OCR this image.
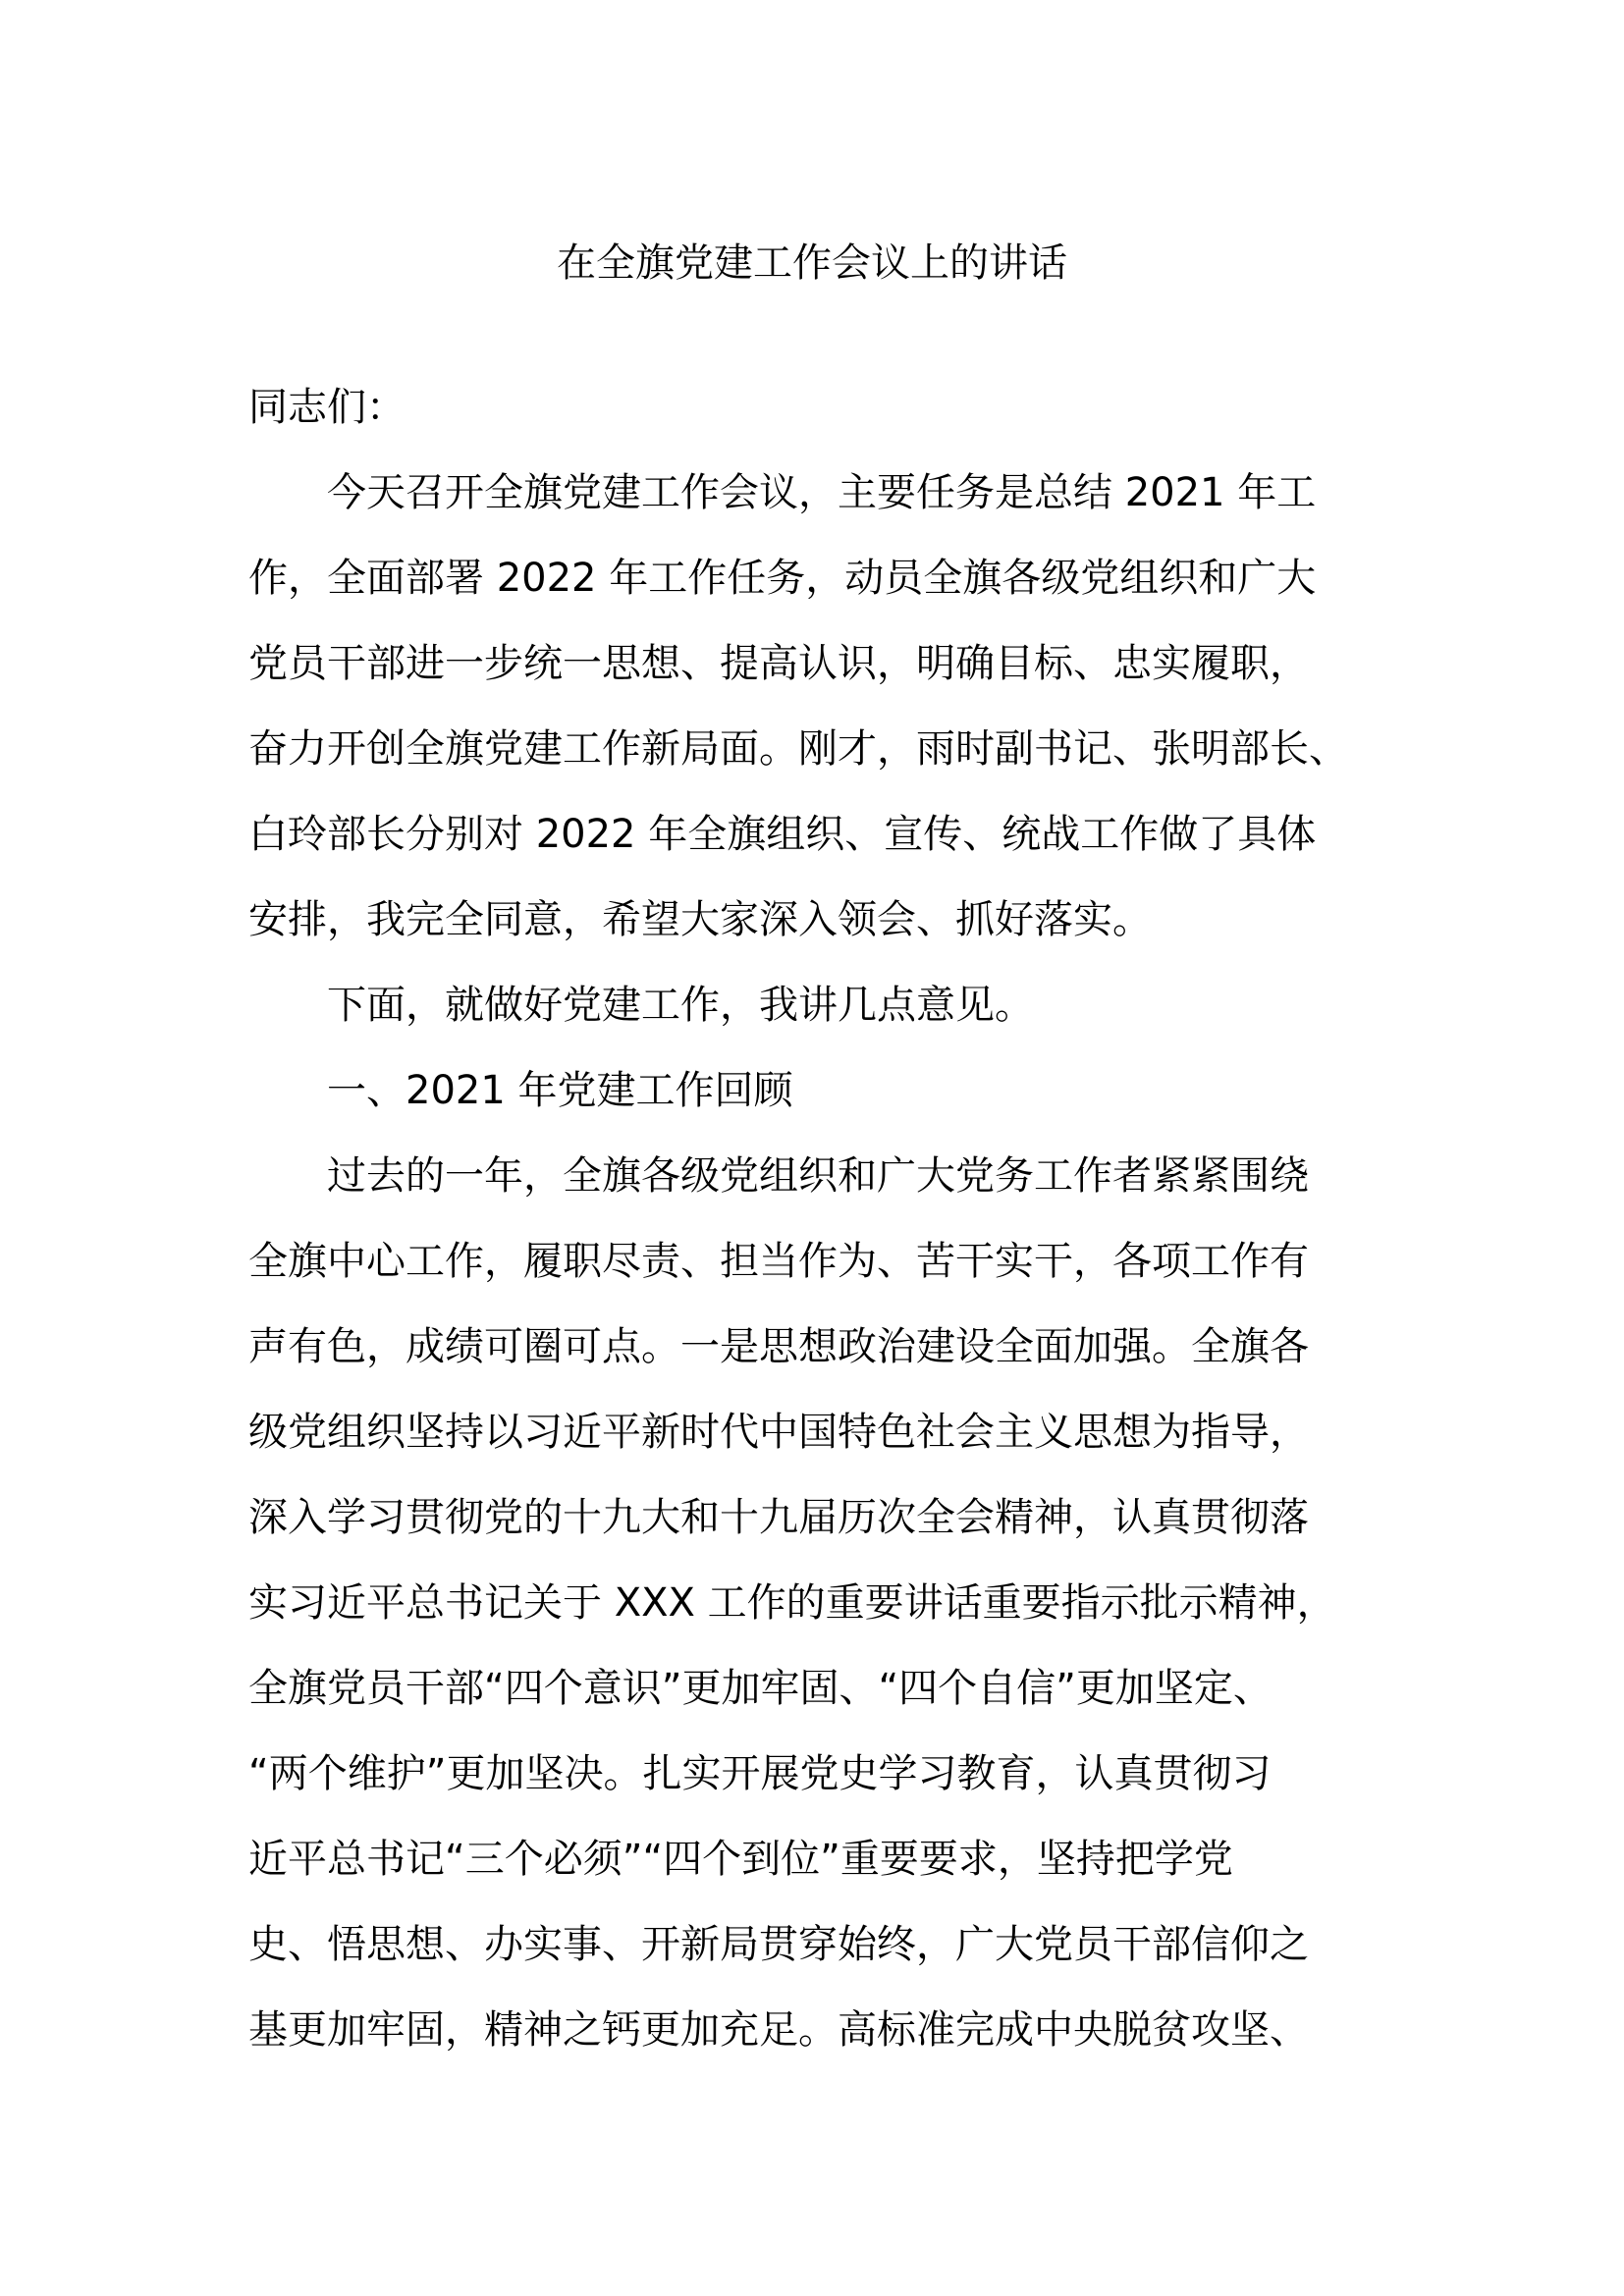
在全旗党建工作会议上的讲话
同志们：
今天召开全旗党建工作会议，主要任务是总结 2021 年工
作，全面部署 2022 年工作任务，动员全旗各级党组织和广大
党员干部进一步统一思想、提高认识，明确目标、忠实履职，
奋力开创全旗党建工作新局面。刚才，雨时副书记、张明部长、
白玲部长分别对 2022 年全旗组织、宣传、统战工作做了具体
安排，我完全同意，希望大家深入领会、抓好落实。
下面，就做好党建工作，我讲几点意见。
一、2021 年党建工作回顾
过去的一年，全旗各级党组织和广大党务工作者紧紧围绕
全旗中心工作，履职尽责、担当作为、苦干实干，各项工作有
声有色，成绩可圈可点。一是思想政治建设全面加强。全旗各
级党组织坚持以习近平新时代中国特色社会主义思想为指导，
深入学习贯彻党的十九大和十九届历次全会精神，认真贯彻落
实习近平总书记关于 XXX 工作的重要讲话重要指示批示精神，
全旗党员干部“四个意识”更加牢固、“四个自信”更加坚定、
“两个维护”更加坚决。扎实开展党史学习教育，认真贯彻习
近平总书记“三个必须”“四个到位”重要要求，坚持把学党
史、悟思想、办实事、开新局贯穿始终，广大党员干部信仰之
基更加牢固，精神之钙更加充足。高标准完成中央脱贫攻坚、
